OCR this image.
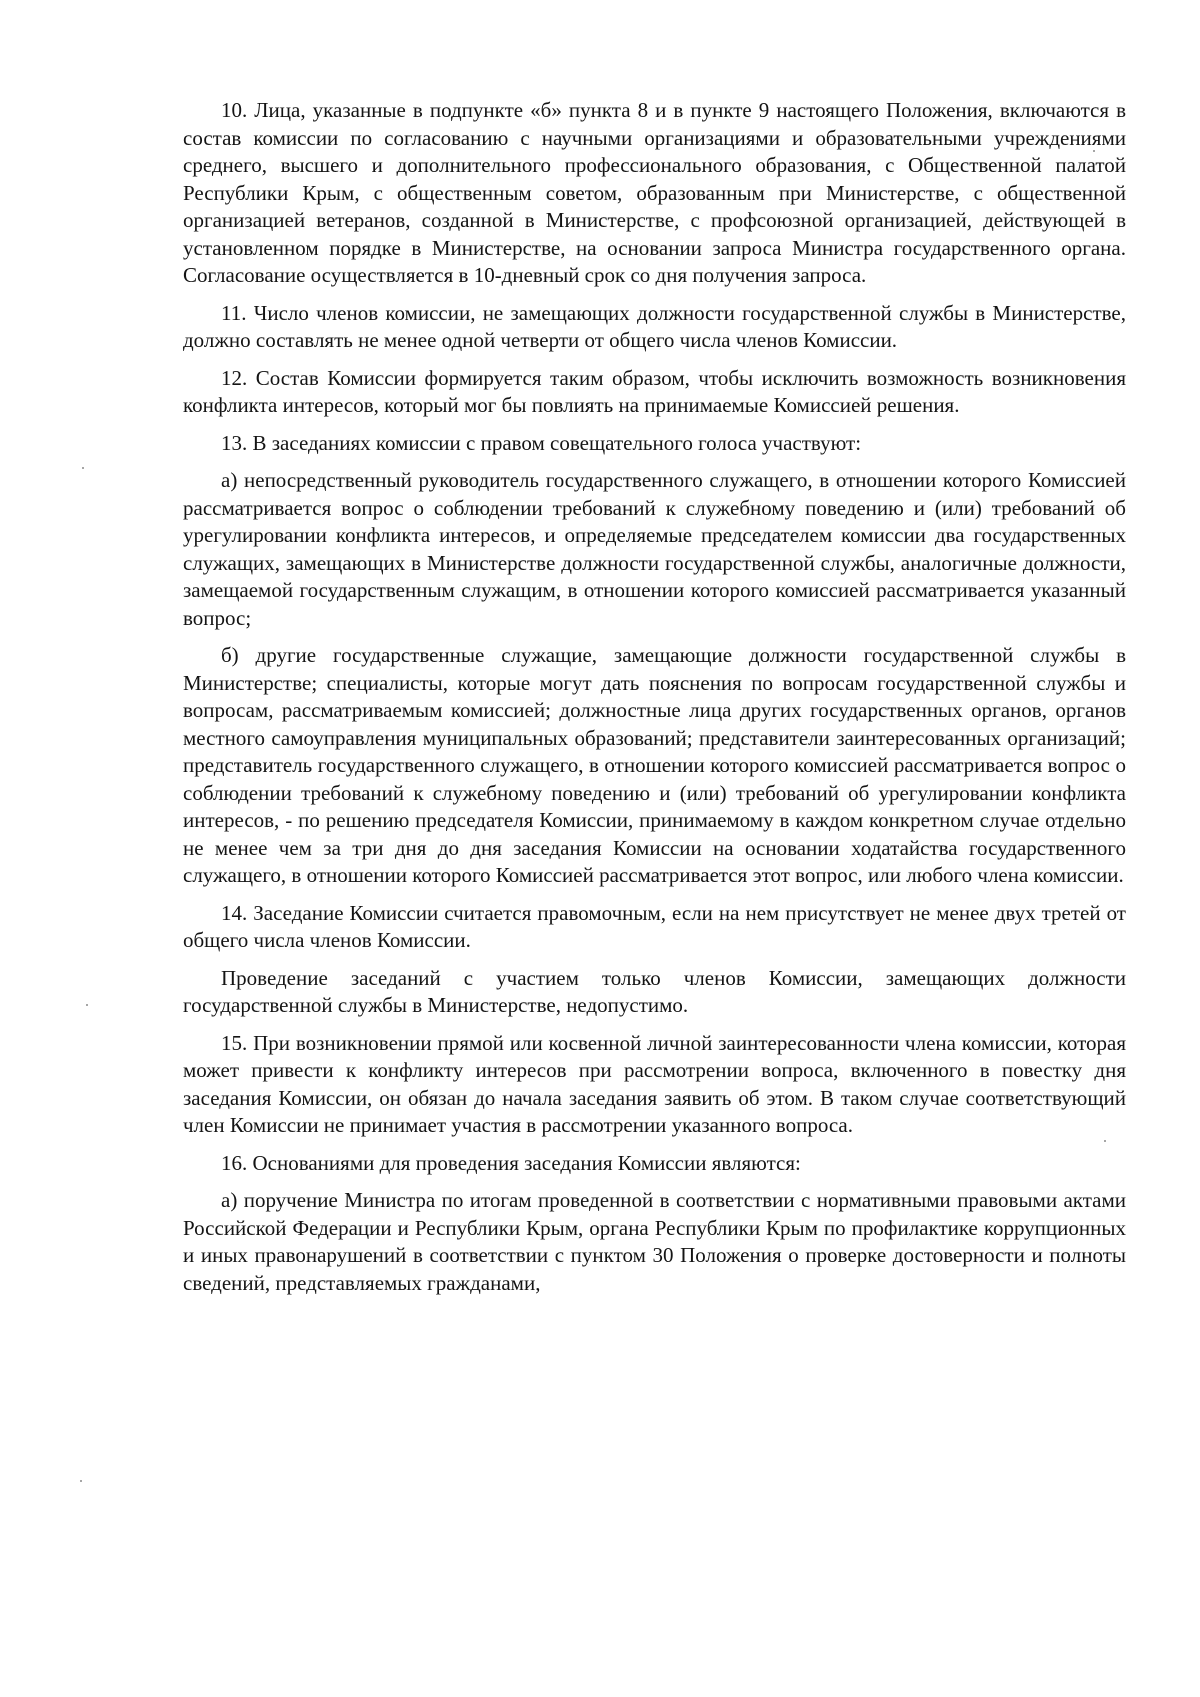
10. Лица, указанные в подпункте «б» пункта 8 и в пункте 9 настоящего Положения, включаются в состав комиссии по согласованию с научными организациями и образовательными учреждениями среднего, высшего и дополнительного профессионального образования, с Общественной палатой Республики Крым, с общественным советом, образованным при Министерстве, с общественной организацией ветеранов, созданной в Министерстве, с профсоюзной организацией, действующей в установленном порядке в Министерстве, на основании запроса Министра государственного органа. Согласование осуществляется в 10-дневный срок со дня получения запроса.

11. Число членов комиссии, не замещающих должности государственной службы в Министерстве, должно составлять не менее одной четверти от общего числа членов Комиссии.

12. Состав Комиссии формируется таким образом, чтобы исключить возможность возникновения конфликта интересов, который мог бы повлиять на принимаемые Комиссией решения.

13. В заседаниях комиссии с правом совещательного голоса участвуют:

а) непосредственный руководитель государственного служащего, в отношении которого Комиссией рассматривается вопрос о соблюдении требований к служебному поведению и (или) требований об урегулировании конфликта интересов, и определяемые председателем комиссии два государственных служащих, замещающих в Министерстве должности государственной службы, аналогичные должности, замещаемой государственным служащим, в отношении которого комиссией рассматривается указанный вопрос;

б) другие государственные служащие, замещающие должности государственной службы в Министерстве; специалисты, которые могут дать пояснения по вопросам государственной службы и вопросам, рассматриваемым комиссией; должностные лица других государственных органов, органов местного самоуправления муниципальных образований; представители заинтересованных организаций; представитель государственного служащего, в отношении которого комиссией рассматривается вопрос о соблюдении требований к служебному поведению и (или) требований об урегулировании конфликта интересов, - по решению председателя Комиссии, принимаемому в каждом конкретном случае отдельно не менее чем за три дня до дня заседания Комиссии на основании ходатайства государственного служащего, в отношении которого Комиссией рассматривается этот вопрос, или любого члена комиссии.

14. Заседание Комиссии считается правомочным, если на нем присутствует не менее двух третей от общего числа членов Комиссии.

Проведение заседаний с участием только членов Комиссии, замещающих должности государственной службы в Министерстве, недопустимо.

15. При возникновении прямой или косвенной личной заинтересованности члена комиссии, которая может привести к конфликту интересов при рассмотрении вопроса, включенного в повестку дня заседания Комиссии, он обязан до начала заседания заявить об этом. В таком случае соответствующий член Комиссии не принимает участия в рассмотрении указанного вопроса.

16. Основаниями для проведения заседания Комиссии являются:

а) поручение Министра по итогам проведенной в соответствии с нормативными правовыми актами Российской Федерации и Республики Крым, органа Республики Крым по профилактике коррупционных и иных правонарушений в соответствии с пунктом 30 Положения о проверке достоверности и полноты сведений, представляемых гражданами,
